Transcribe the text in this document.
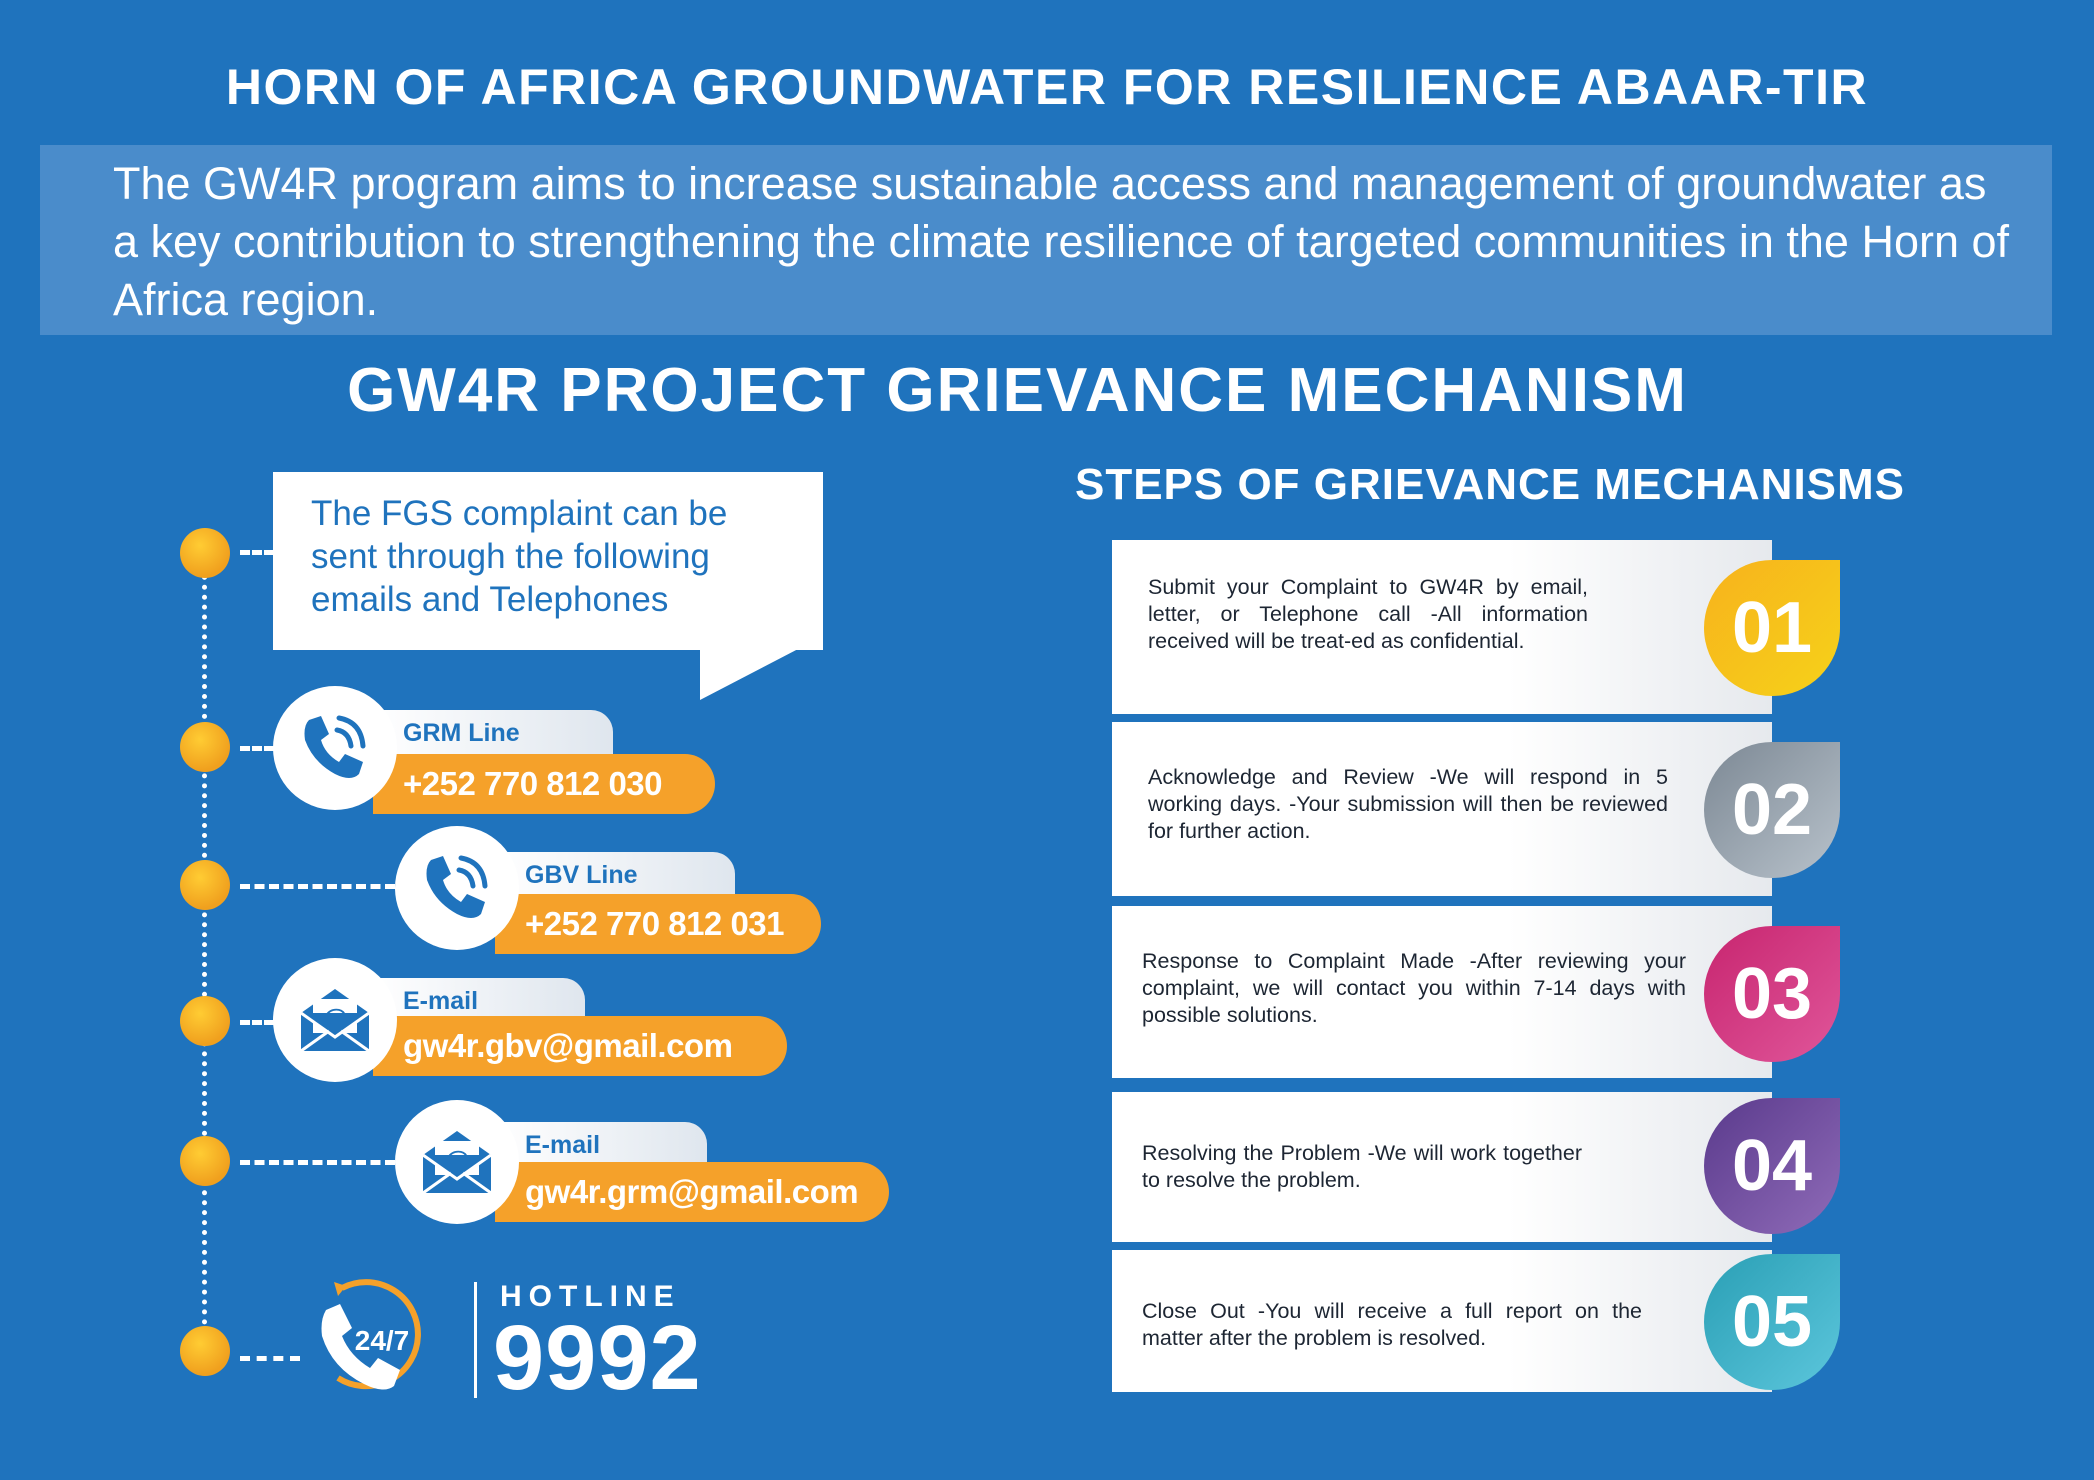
HORN OF AFRICA GROUNDWATER FOR RESILIENCE ABAAR-TIR
The GW4R program aims to increase sustainable access and management of groundwater as a key contribution to strengthening the climate resilience of targeted communities in the Horn of Africa region.
GW4R PROJECT GRIEVANCE MECHANISM
STEPS OF GRIEVANCE MECHANISMS
The FGS complaint can be sent through the following emails and Telephones
GRM Line
+252 770 812 030
GBV Line
+252 770 812 031
E-mail
gw4r.gbv@gmail.com
E-mail
gw4r.grm@gmail.com
24/7
HOTLINE
9992
Submit your Complaint to GW4R by email, letter, or Telephone call -All information received will be treat-ed as confidential.	01
Acknowledge and Review -We will respond in 5 working days. -Your submission will then be reviewed for further action.	02
Response to Complaint Made -After reviewing your complaint, we will contact you within 7-14 days with possible solutions.	03
Resolving the Problem -We will work together to resolve the problem.	04
Close Out -You will receive a full report on the matter after the problem is resolved.	05
